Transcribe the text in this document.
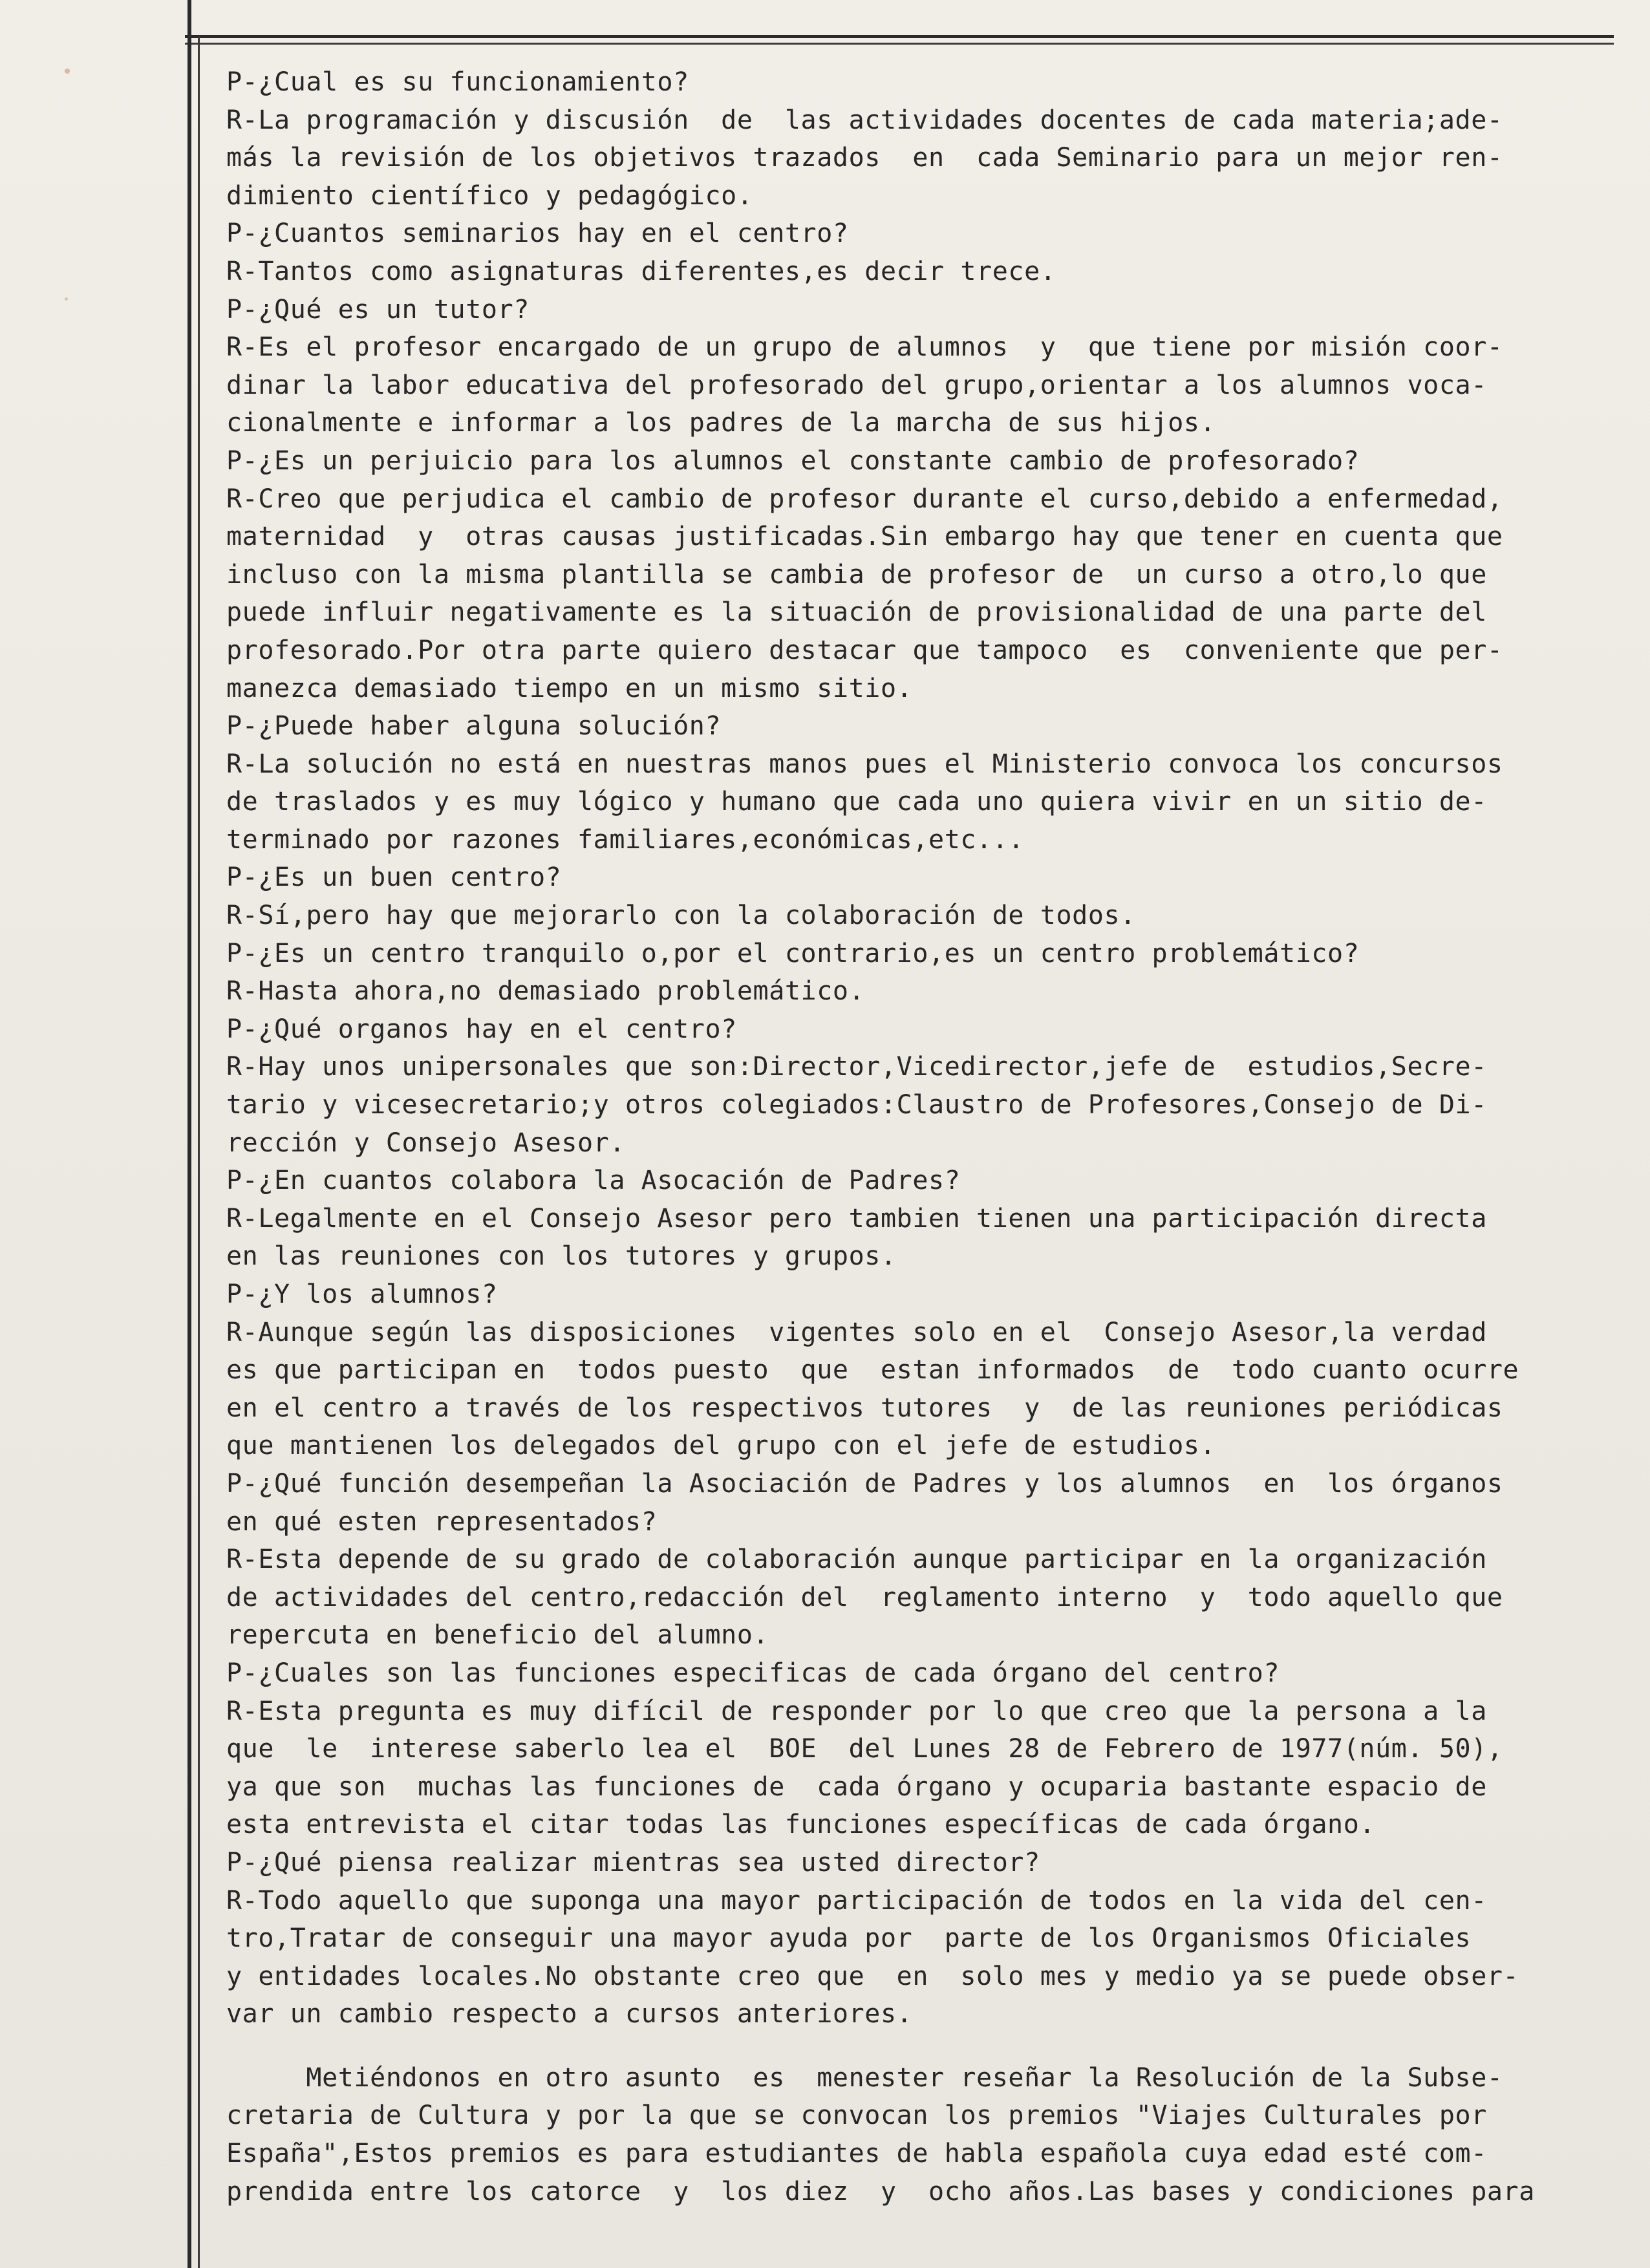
P-¿Cual es su funcionamiento?
R-La programación y discusión  de  las actividades docentes de cada materia;ade-
más la revisión de los objetivos trazados  en  cada Seminario para un mejor ren-
dimiento científico y pedagógico.
P-¿Cuantos seminarios hay en el centro?
R-Tantos como asignaturas diferentes,es decir trece.
P-¿Qué es un tutor?
R-Es el profesor encargado de un grupo de alumnos  y  que tiene por misión coor-
dinar la labor educativa del profesorado del grupo,orientar a los alumnos voca-
cionalmente e informar a los padres de la marcha de sus hijos.
P-¿Es un perjuicio para los alumnos el constante cambio de profesorado?
R-Creo que perjudica el cambio de profesor durante el curso,debido a enfermedad,
maternidad  y  otras causas justificadas.Sin embargo hay que tener en cuenta que
incluso con la misma plantilla se cambia de profesor de  un curso a otro,lo que
puede influir negativamente es la situación de provisionalidad de una parte del
profesorado.Por otra parte quiero destacar que tampoco  es  conveniente que per-
manezca demasiado tiempo en un mismo sitio.
P-¿Puede haber alguna solución?
R-La solución no está en nuestras manos pues el Ministerio convoca los concursos
de traslados y es muy lógico y humano que cada uno quiera vivir en un sitio de-
terminado por razones familiares,económicas,etc...
P-¿Es un buen centro?
R-Sí,pero hay que mejorarlo con la colaboración de todos.
P-¿Es un centro tranquilo o,por el contrario,es un centro problemático?
R-Hasta ahora,no demasiado problemático.
P-¿Qué organos hay en el centro?
R-Hay unos unipersonales que son:Director,Vicedirector,jefe de  estudios,Secre-
tario y vicesecretario;y otros colegiados:Claustro de Profesores,Consejo de Di-
rección y Consejo Asesor.
P-¿En cuantos colabora la Asocación de Padres?
R-Legalmente en el Consejo Asesor pero tambien tienen una participación directa
en las reuniones con los tutores y grupos.
P-¿Y los alumnos?
R-Aunque según las disposiciones  vigentes solo en el  Consejo Asesor,la verdad
es que participan en  todos puesto  que  estan informados  de  todo cuanto ocurre
en el centro a través de los respectivos tutores  y  de las reuniones periódicas
que mantienen los delegados del grupo con el jefe de estudios.
P-¿Qué función desempeñan la Asociación de Padres y los alumnos  en  los órganos
en qué esten representados?
R-Esta depende de su grado de colaboración aunque participar en la organización
de actividades del centro,redacción del  reglamento interno  y  todo aquello que
repercuta en beneficio del alumno.
P-¿Cuales son las funciones especificas de cada órgano del centro?
R-Esta pregunta es muy difícil de responder por lo que creo que la persona a la
que  le  interese saberlo lea el  BOE  del Lunes 28 de Febrero de 1977(núm. 50),
ya que son  muchas las funciones de  cada órgano y ocuparia bastante espacio de
esta entrevista el citar todas las funciones específicas de cada órgano.
P-¿Qué piensa realizar mientras sea usted director?
R-Todo aquello que suponga una mayor participación de todos en la vida del cen-
tro,Tratar de conseguir una mayor ayuda por  parte de los Organismos Oficiales
y entidades locales.No obstante creo que  en  solo mes y medio ya se puede obser-
var un cambio respecto a cursos anteriores.
Metiéndonos en otro asunto  es  menester reseñar la Resolución de la Subse-
cretaria de Cultura y por la que se convocan los premios "Viajes Culturales por
España",Estos premios es para estudiantes de habla española cuya edad esté com-
prendida entre los catorce  y  los diez  y  ocho años.Las bases y condiciones para
